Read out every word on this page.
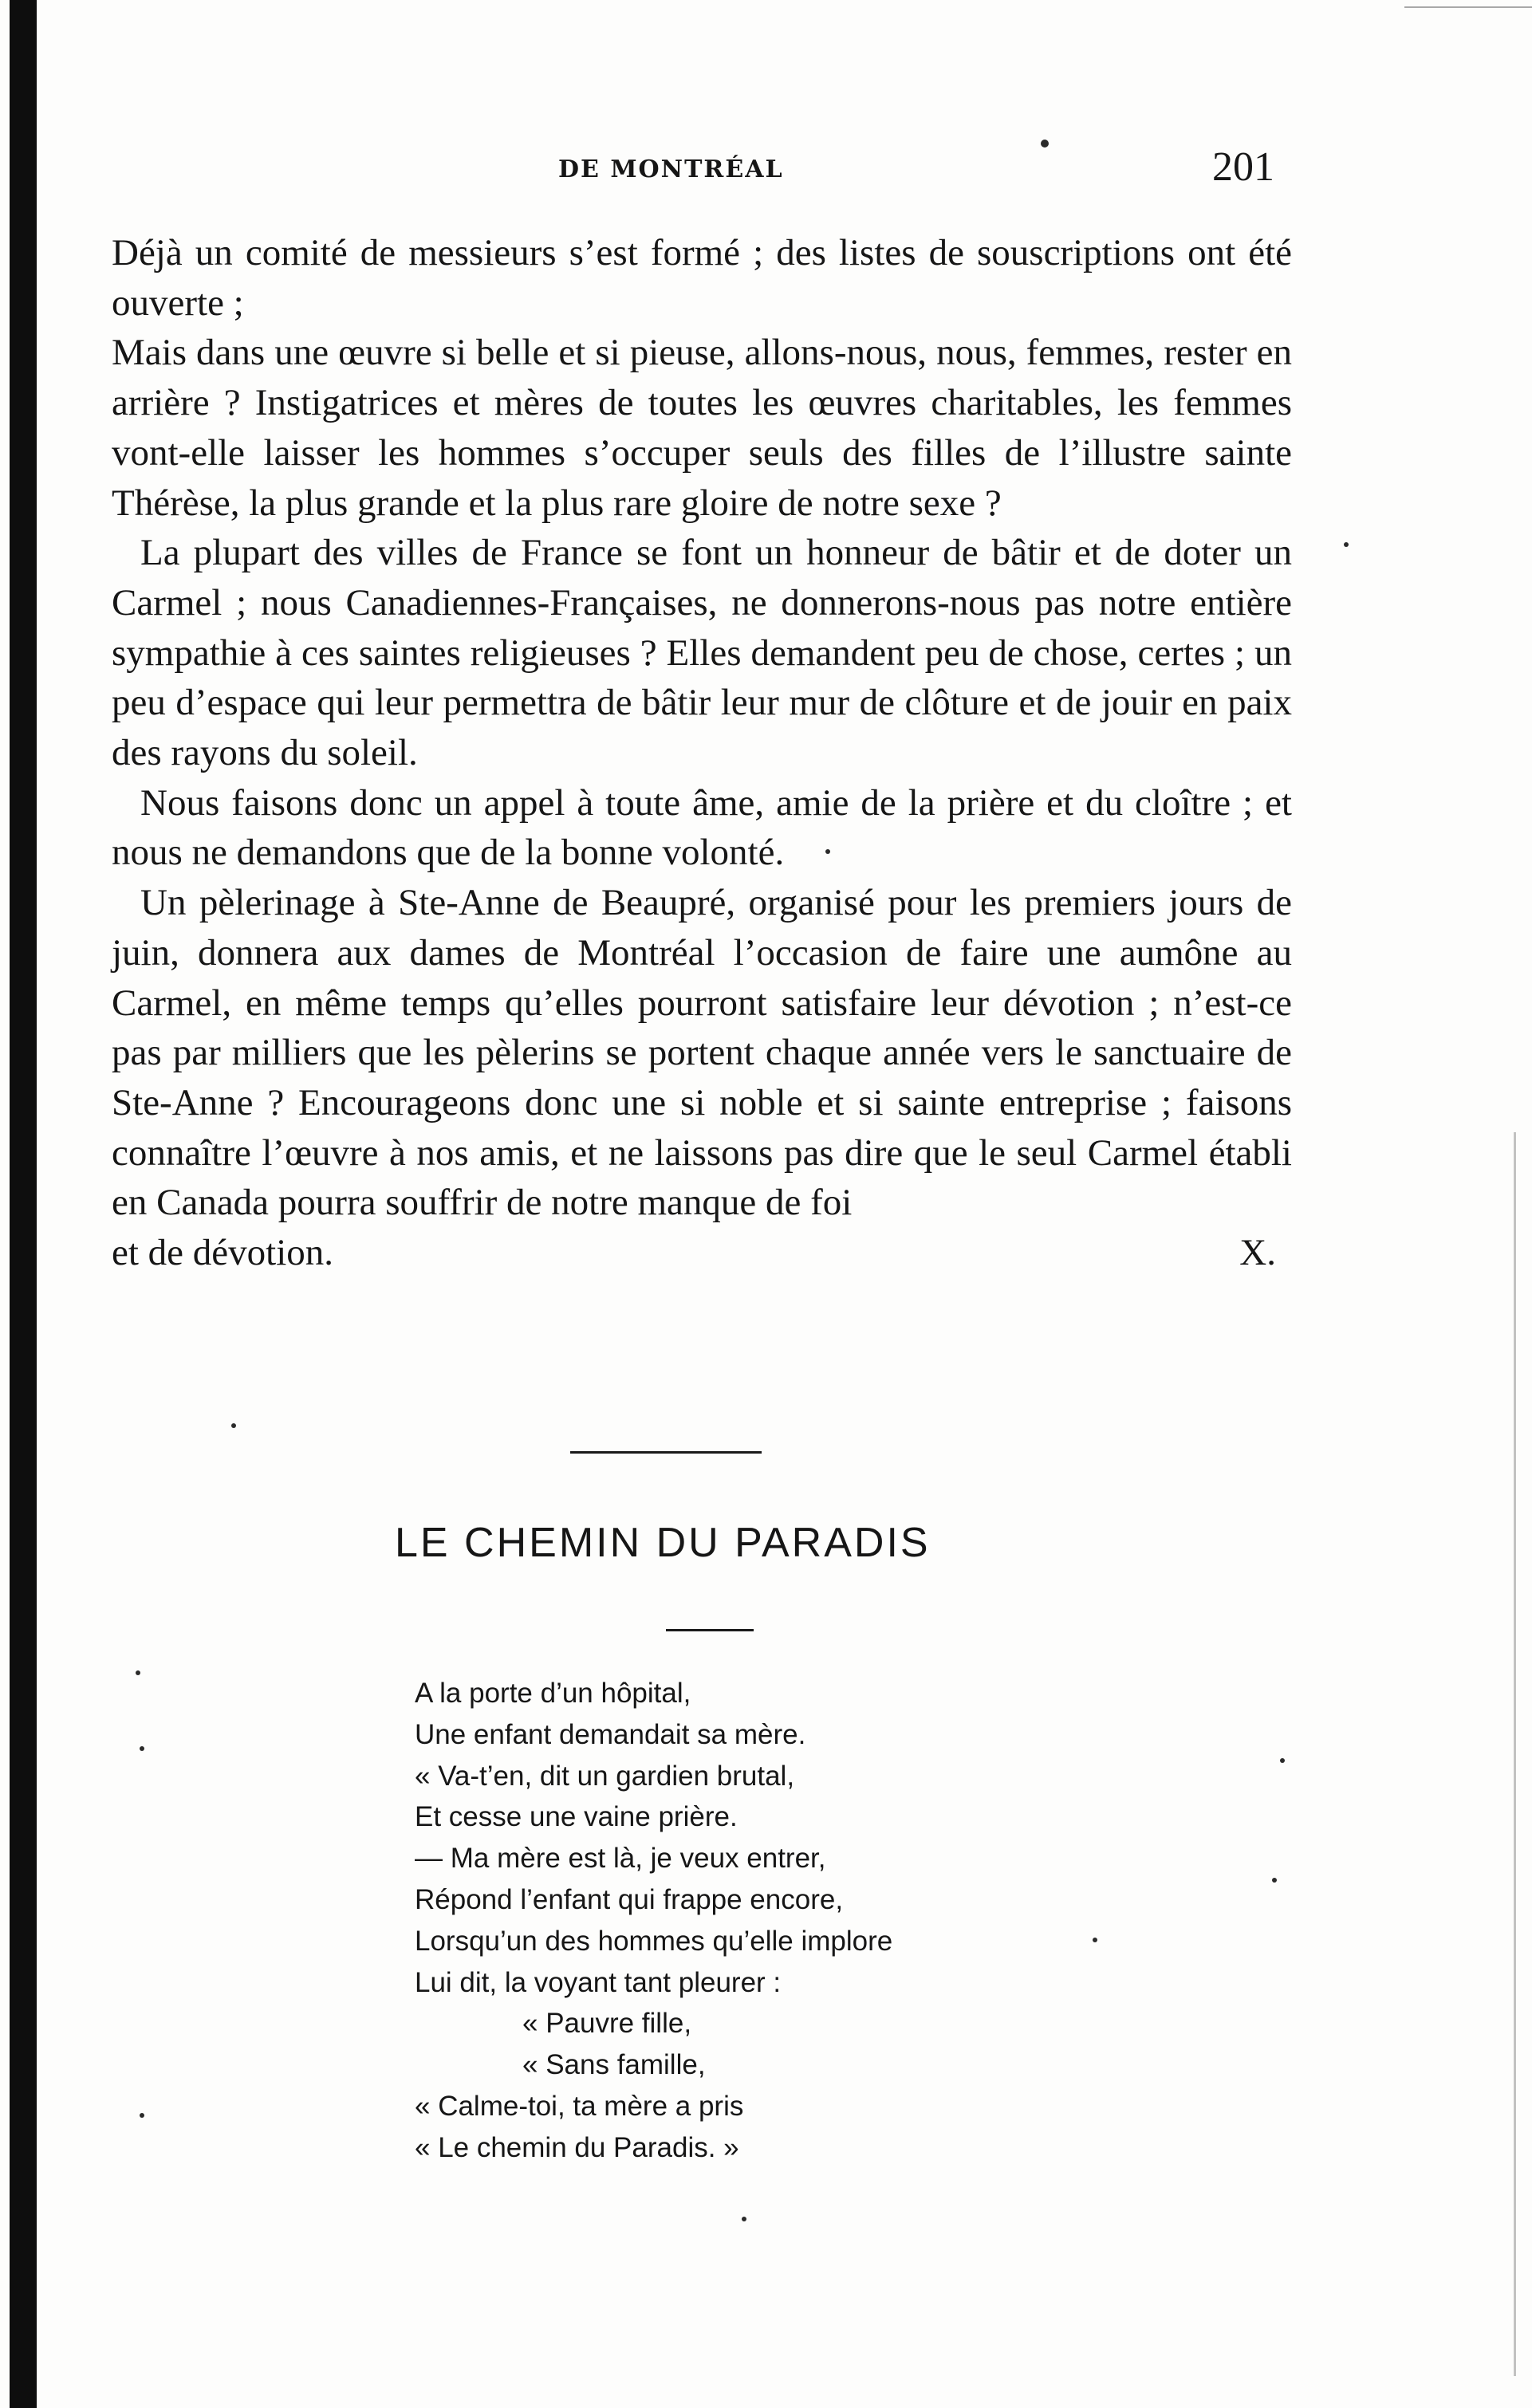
DE MONTRÉAL	201

Déjà un comité de messieurs s’est formé ; des listes de souscriptions ont été ouverte ;

Mais dans une œuvre si belle et si pieuse, allons-nous, nous, femmes, rester en arrière ? Instigatrices et mères de toutes les œuvres charitables, les femmes vont-elle laisser les hommes s’occuper seuls des filles de l’illustre sainte Thérèse, la plus grande et la plus rare gloire de notre sexe ?

La plupart des villes de France se font un honneur de bâtir et de doter un Carmel ; nous Canadiennes-Françaises, ne donnerons-nous pas notre entière sympathie à ces saintes religieuses ? Elles demandent peu de chose, certes ; un peu d’espace qui leur permettra de bâtir leur mur de clôture et de jouir en paix des rayons du soleil.

Nous faisons donc un appel à toute âme, amie de la prière et du cloître ; et nous ne demandons que de la bonne volonté.

Un pèlerinage à Ste-Anne de Beaupré, organisé pour les premiers jours de juin, donnera aux dames de Montréal l’occasion de faire une aumône au Carmel, en même temps qu’elles pourront satisfaire leur dévotion ; n’est-ce pas par milliers que les pèlerins se portent chaque année vers le sanctuaire de Ste-Anne ? Encourageons donc une si noble et si sainte entreprise ; faisons connaître l’œuvre à nos amis, et ne laissons pas dire que le seul Carmel établi en Canada pourra souffrir de notre manque de foi

et de dévotion.	X.

LE CHEMIN DU PARADIS
A la porte d’un hôpital,
Une enfant demandait sa mère.
« Va-t’en, dit un gardien brutal,
Et cesse une vaine prière.
— Ma mère est là, je veux entrer,
Répond l’enfant qui frappe encore,
Lorsqu’un des hommes qu’elle implore
Lui dit, la voyant tant pleurer :
« Pauvre fille,
« Sans famille,
« Calme-toi, ta mère a pris
« Le chemin du Paradis. »
